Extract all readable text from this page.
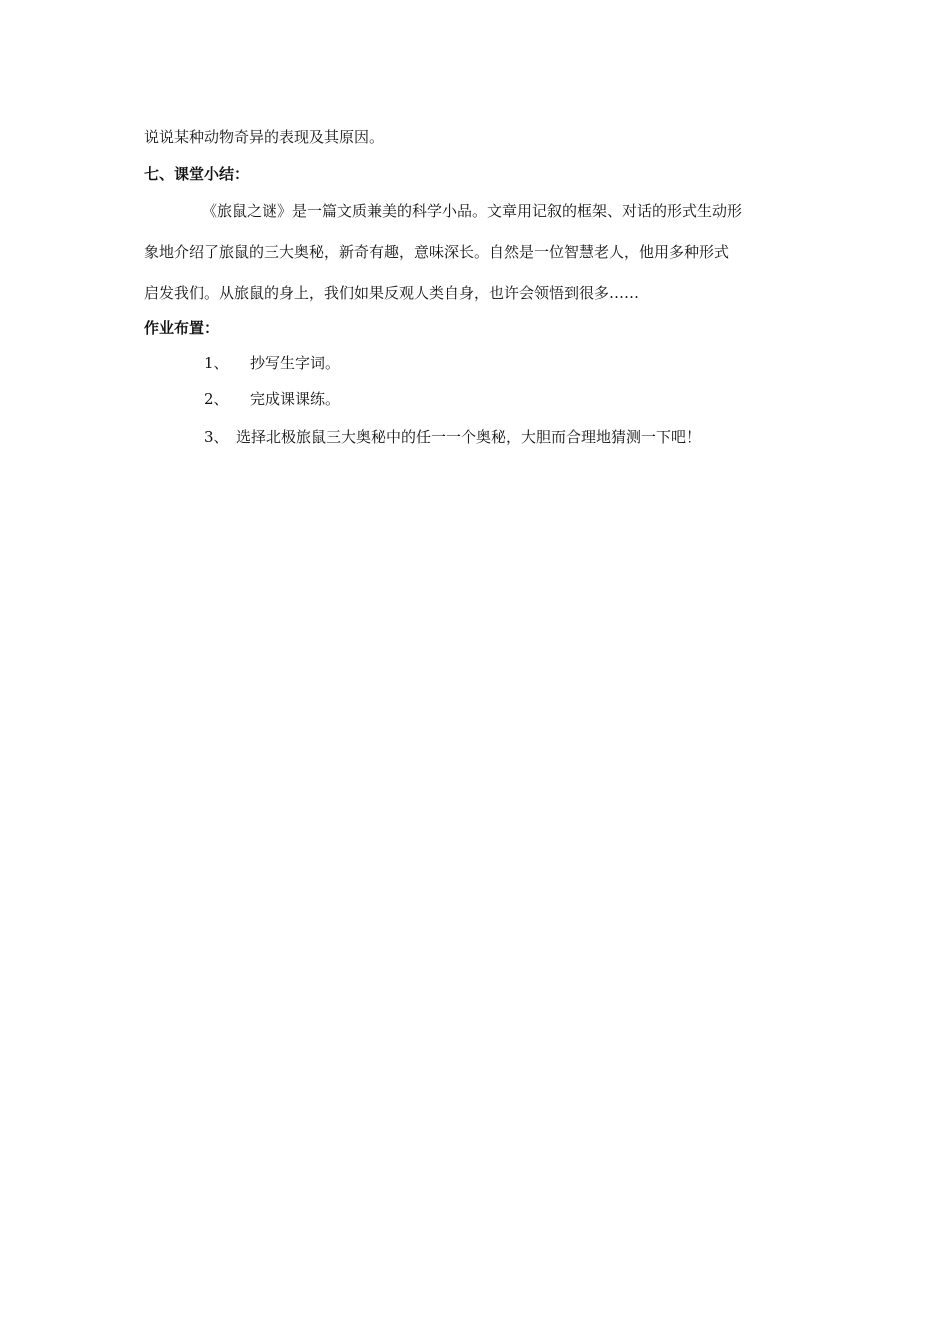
说说某种动物奇异的表现及其原因。
七、课堂小结：
《旅鼠之谜》是一篇文质兼美的科学小品。文章用记叙的框架、对话的形式生动形
象地介绍了旅鼠的三大奥秘，新奇有趣，意味深长。自然是一位智慧老人，他用多种形式
启发我们。从旅鼠的身上，我们如果反观人类自身，也许会领悟到很多……
作业布置：
1、 抄写生字词。
2、 完成课课练。
3、 选择北极旅鼠三大奥秘中的任一一个奥秘，大胆而合理地猜测一下吧！
